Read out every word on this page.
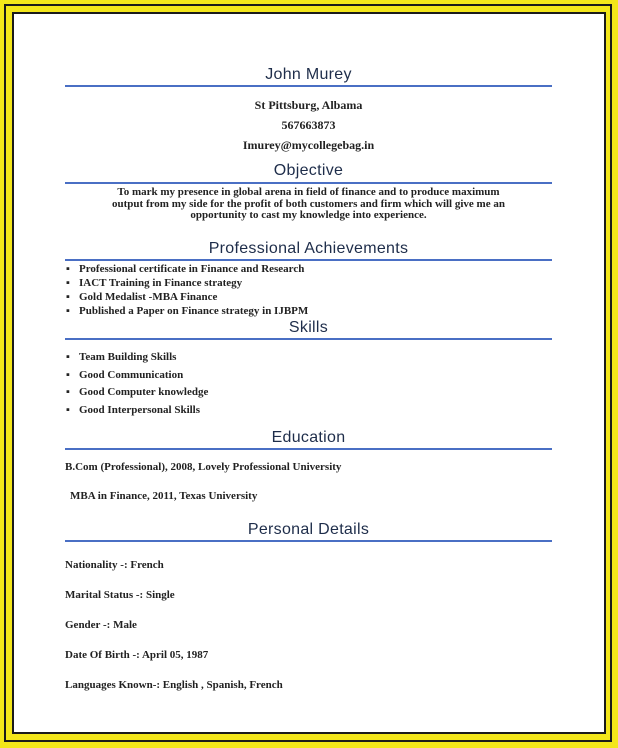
John Murey
St Pittsburg, Albama
567663873
Imurey@mycollegebag.in
Objective
To mark my presence in global arena in field of finance and to produce maximum
output from my side for the profit of both customers and firm which will give me an
opportunity to cast my knowledge into experience.
Professional Achievements
▪ Professional certificate in Finance and Research
▪ IACT Training in Finance strategy
▪ Gold Medalist -MBA Finance
▪ Published a Paper on Finance strategy in IJBPM
Skills
▪ Team Building Skills
▪ Good Communication
▪ Good Computer knowledge
▪ Good Interpersonal Skills
Education
B.Com (Professional), 2008, Lovely Professional University
MBA in Finance, 2011, Texas University
Personal Details
Nationality -: French
Marital Status -: Single
Gender -: Male
Date Of Birth -: April 05, 1987
Languages Known-: English , Spanish, French
